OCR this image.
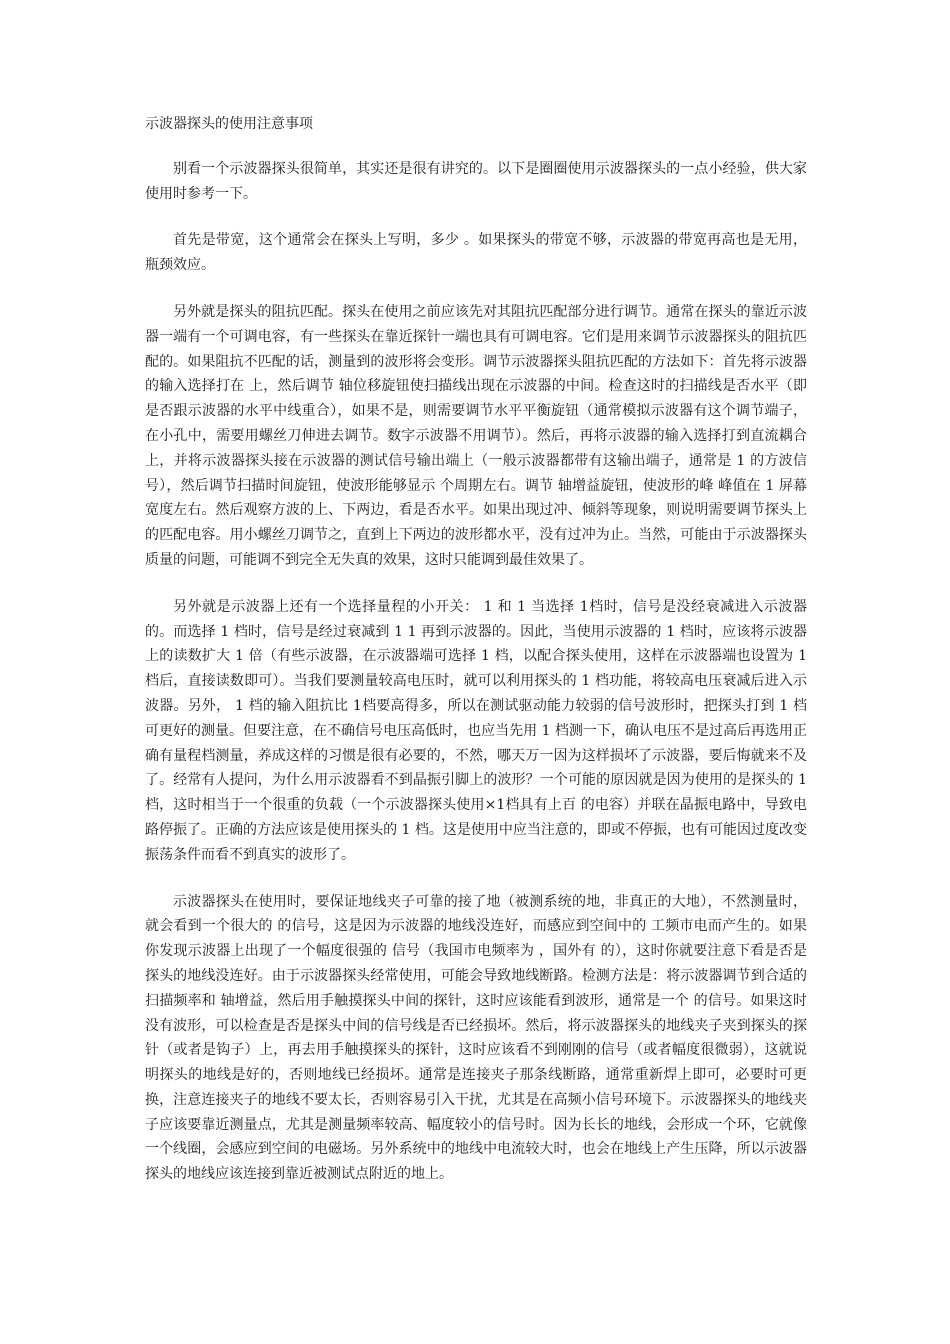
示波器探头的使用注意事项

别看一个示波器探头很简单，其实还是很有讲究的。以下是圈圈使用示波器探头的一点小经验，供大家使用时参考一下。

首先是带宽，这个通常会在探头上写明，多少 。如果探头的带宽不够，示波器的带宽再高也是无用，瓶颈效应。

另外就是探头的阻抗匹配。探头在使用之前应该先对其阻抗匹配部分进行调节。通常在探头的靠近示波器一端有一个可调电容，有一些探头在靠近探针一端也具有可调电容。它们是用来调节示波器探头的阻抗匹配的。如果阻抗不匹配的话，测量到的波形将会变形。调节示波器探头阻抗匹配的方法如下：首先将示波器的输入选择打在 上，然后调节 轴位移旋钮使扫描线出现在示波器的中间。检查这时的扫描线是否水平（即是否跟示波器的水平中线重合），如果不是，则需要调节水平平衡旋钮（通常模拟示波器有这个调节端子，在小孔中，需要用螺丝刀伸进去调节。数字示波器不用调节）。然后，再将示波器的输入选择打到直流耦合上，并将示波器探头接在示波器的测试信号输出端上（一般示波器都带有这输出端子，通常是 1 的方波信号），然后调节扫描时间旋钮，使波形能够显示 个周期左右。调节 轴增益旋钮，使波形的峰 峰值在 1 屏幕宽度左右。然后观察方波的上、下两边，看是否水平。如果出现过冲、倾斜等现象，则说明需要调节探头上的匹配电容。用小螺丝刀调节之，直到上下两边的波形都水平，没有过冲为止。当然，可能由于示波器探头质量的问题，可能调不到完全无失真的效果，这时只能调到最佳效果了。

另外就是示波器上还有一个选择量程的小开关： 1 和 1 当选择 1档时，信号是没经衰减进入示波器的。而选择 1 档时，信号是经过衰减到 1 1 再到示波器的。因此，当使用示波器的 1 档时，应该将示波器上的读数扩大 1 倍（有些示波器，在示波器端可选择 1 档，以配合探头使用，这样在示波器端也设置为 1 档后，直接读数即可）。当我们要测量较高电压时，就可以利用探头的 1 档功能，将较高电压衰减后进入示波器。另外， 1 档的输入阻抗比 1档要高得多，所以在测试驱动能力较弱的信号波形时，把探头打到 1 档可更好的测量。但要注意，在不确信号电压高低时，也应当先用 1 档测一下，确认电压不是过高后再选用正确有量程档测量，养成这样的习惯是很有必要的，不然，哪天万一因为这样损坏了示波器，要后悔就来不及了。经常有人提问，为什么用示波器看不到晶振引脚上的波形？一个可能的原因就是因为使用的是探头的 1档，这时相当于一个很重的负载（一个示波器探头使用×1档具有上百 的电容）并联在晶振电路中，导致电路停振了。正确的方法应该是使用探头的 1 档。这是使用中应当注意的，即或不停振，也有可能因过度改变振荡条件而看不到真实的波形了。

示波器探头在使用时，要保证地线夹子可靠的接了地（被测系统的地，非真正的大地），不然测量时，就会看到一个很大的 的信号，这是因为示波器的地线没连好，而感应到空间中的 工频市电而产生的。如果你发现示波器上出现了一个幅度很强的 信号（我国市电频率为 ，国外有 的），这时你就要注意下看是否是探头的地线没连好。由于示波器探头经常使用，可能会导致地线断路。检测方法是：将示波器调节到合适的扫描频率和 轴增益，然后用手触摸探头中间的探针，这时应该能看到波形，通常是一个 的信号。如果这时没有波形，可以检查是否是探头中间的信号线是否已经损坏。然后，将示波器探头的地线夹子夹到探头的探针（或者是钩子）上，再去用手触摸探头的探针，这时应该看不到刚刚的信号（或者幅度很微弱），这就说明探头的地线是好的，否则地线已经损坏。通常是连接夹子那条线断路，通常重新焊上即可，必要时可更换，注意连接夹子的地线不要太长，否则容易引入干扰，尤其是在高频小信号环境下。示波器探头的地线夹子应该要靠近测量点，尤其是测量频率较高、幅度较小的信号时。因为长长的地线，会形成一个环，它就像一个线圈，会感应到空间的电磁场。另外系统中的地线中电流较大时，也会在地线上产生压降，所以示波器探头的地线应该连接到靠近被测试点附近的地上。
